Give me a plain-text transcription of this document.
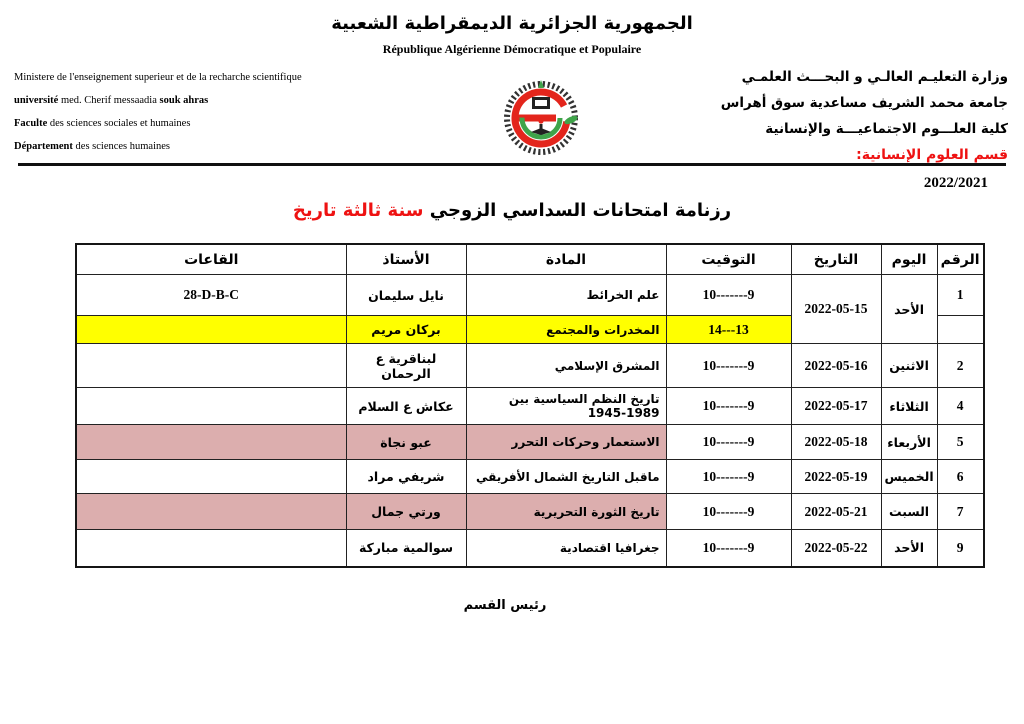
الجمهورية الجزائرية الديمقراطية الشعبية
République Algérienne Démocratique et Populaire
Ministere de l'enseignement superieur et de la recharche scientifique
université med. Cherif messaadia souk ahras
Faculte des sciences sociales et humaines
Département des sciences humaines
وزارة التعليـم العالـي و البحـــث العلمـي
جامعة محمد الشريف مساعدية سوق أهراس
كلية العلـــوم الاجتماعيـــة والإنسانية
قسم العلوم الإنسانية:
2022/2021
رزنامة امتحانات السداسي الزوجي سنة ثالثة تاريخ
الرقم	اليوم	التاريخ	التوقيت	المادة	الأستاذ	القاعات
1	الأحد	2022-05-15	10-------9	علم الخرائط	نايل سليمان	28-D-B-C
			14---13	المخدرات والمجتمع	بركان مريم	
2	الاثنين	2022-05-16	10-------9	المشرق الإسلامي	لبناقرية ع الرحمان	
4	الثلاثاء	2022-05-17	10-------9	تاريخ النظم السياسية بين 1989-1945	عكاش ع السلام	
5	الأربعاء	2022-05-18	10-------9	الاستعمار وحركات التحرر	عبو نجاة	
6	الخميس	2022-05-19	10-------9	ماقبل التاريخ الشمال الأفريقي	شريفي مراد	
7	السبت	2022-05-21	10-------9	تاريخ الثورة التحريرية	ورتي جمال	
9	الأحد	2022-05-22	10-------9	جغرافيا اقتصادية	سوالمية مباركة	
رئيس القسم
